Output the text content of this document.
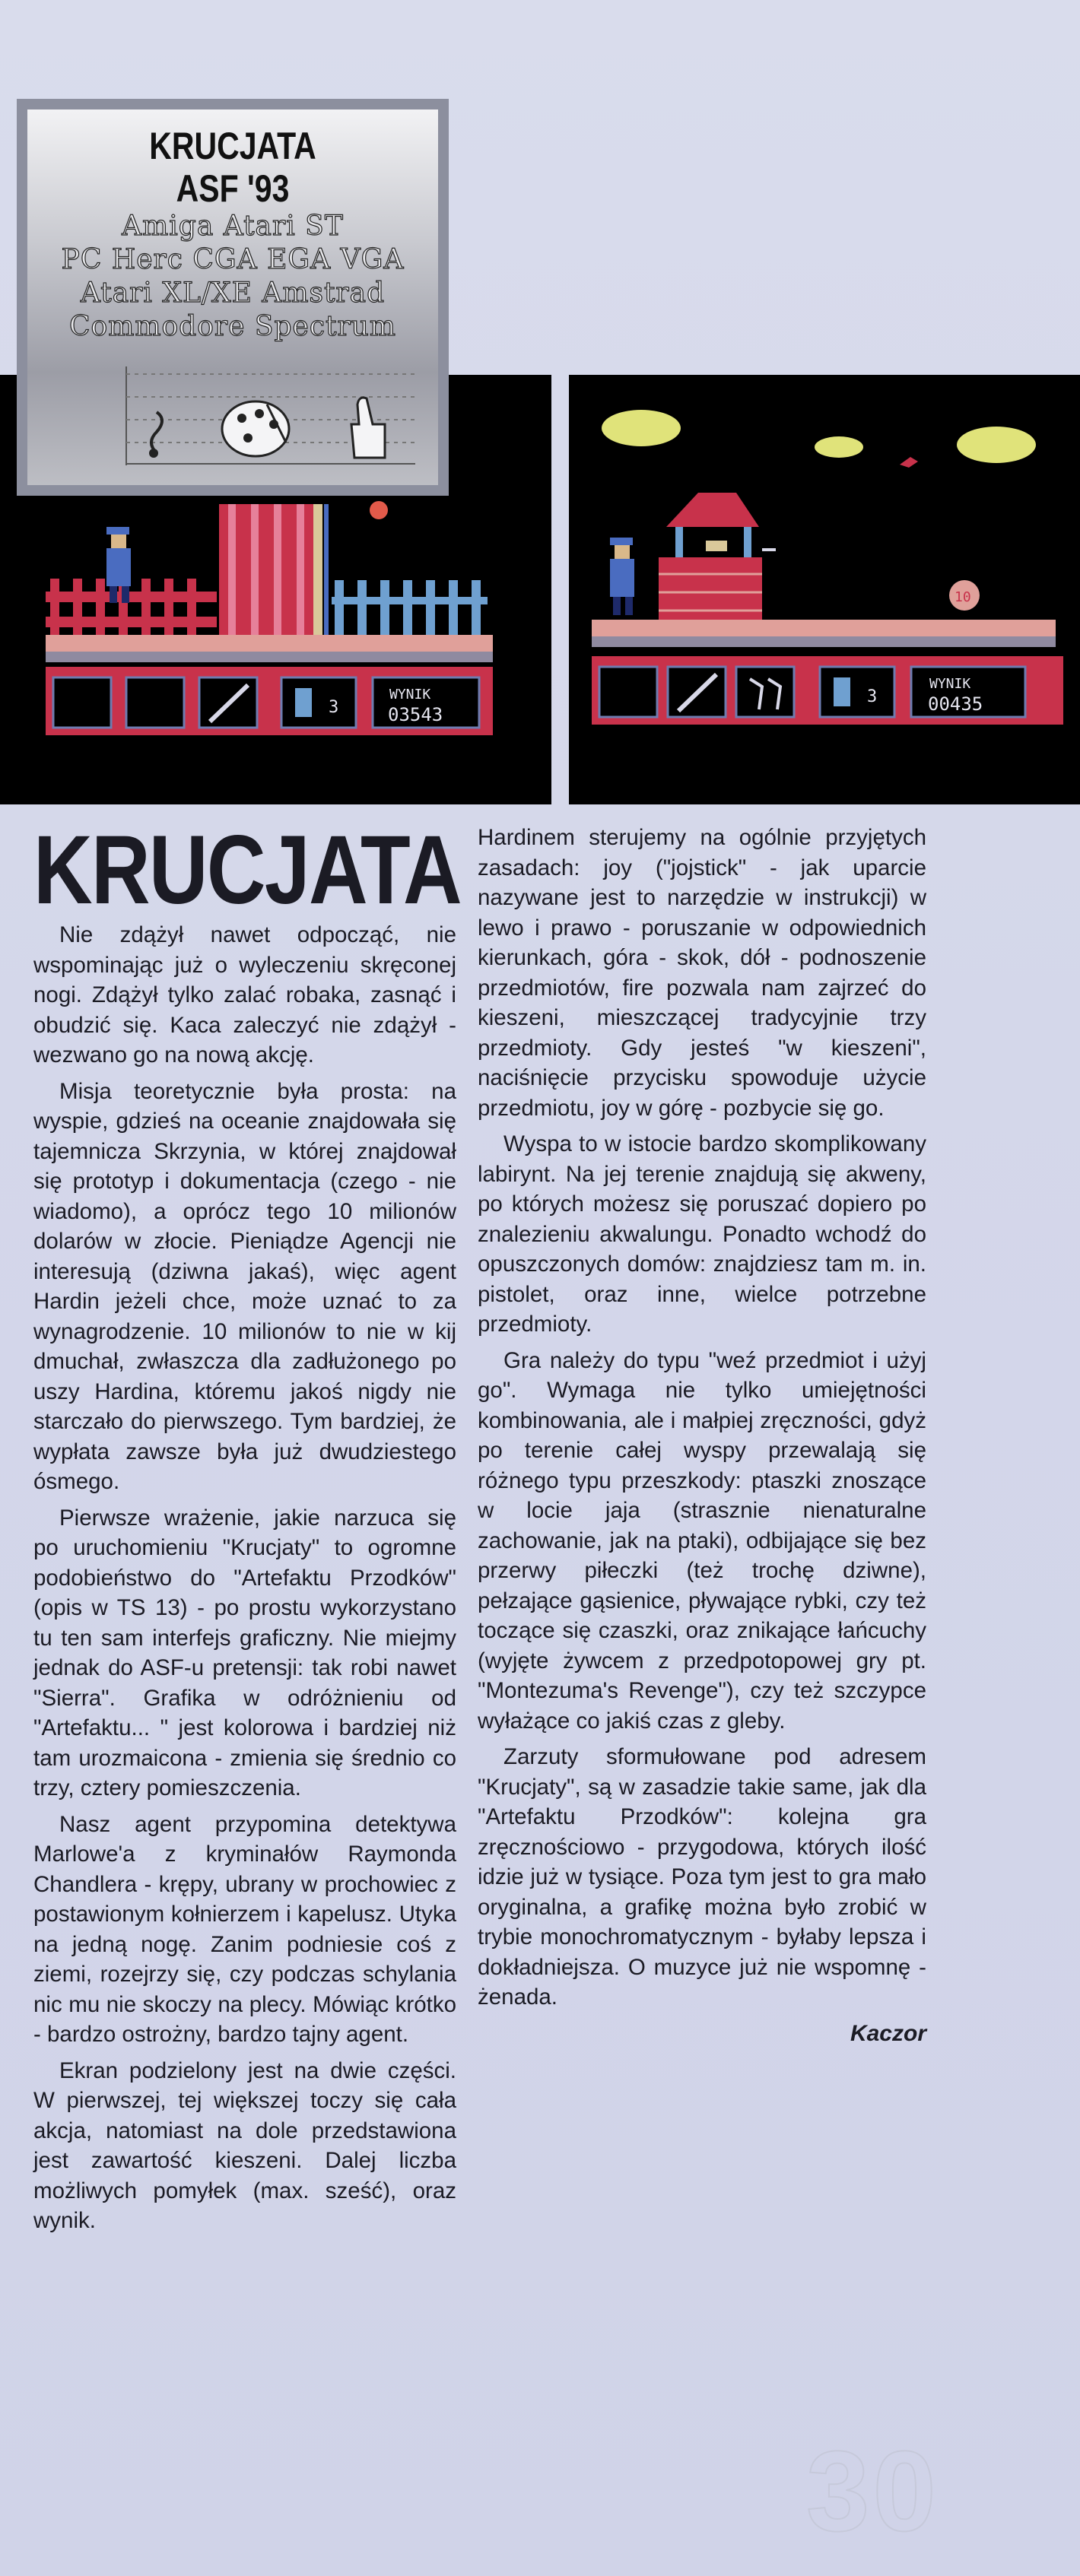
3
WYNIK
03543
10
3
WYNIK
00435
KRUCJATA
ASF '93
Amiga Atari ST
PC Herc CGA EGA VGA
Atari XL/XE Amstrad
Commodore Spectrum
KRUCJATA

Nie zdążył nawet odpocząć, nie wspominając już o wyleczeniu skręconej nogi. Zdążył tylko zalać robaka, zasnąć i obudzić się. Kaca zaleczyć nie zdążył - wezwano go na nową akcję.

Misja teoretycznie była prosta: na wyspie, gdzieś na oceanie znajdowała się tajemnicza Skrzynia, w której znajdował się prototyp i dokumentacja (czego - nie wiadomo), a oprócz tego 10 milionów dolarów w złocie. Pieniądze Agencji nie interesują (dziwna jakaś), więc agent Hardin jeżeli chce, może uznać to za wynagrodzenie. 10 milionów to nie w kij dmuchał, zwłaszcza dla zadłużonego po uszy Hardina, któremu jakoś nigdy nie starczało do pierwszego. Tym bardziej, że wypłata zawsze była już dwudziestego ósmego.

Pierwsze wrażenie, jakie narzuca się po uruchomieniu "Krucjaty" to ogromne podobieństwo do "Artefaktu Przodków" (opis w TS 13) - po prostu wykorzystano tu ten sam interfejs graficzny. Nie miejmy jednak do ASF-u pretensji: tak robi nawet "Sierra". Grafika w odróżnieniu od "Artefaktu... " jest kolorowa i bardziej niż tam urozmaicona - zmienia się średnio co trzy, cztery pomieszczenia.

Nasz agent przypomina detektywa Marlowe'a z kryminałów Raymonda Chandlera - krępy, ubrany w prochowiec z postawionym kołnierzem i kapelusz. Utyka na jedną nogę. Zanim podniesie coś z ziemi, rozejrzy się, czy podczas schylania nic mu nie skoczy na plecy. Mówiąc krótko - bardzo ostrożny, bardzo tajny agent.

Ekran podzielony jest na dwie części. W pierwszej, tej większej toczy się cała akcja, natomiast na dole przedstawiona jest zawartość kieszeni. Dalej liczba możliwych pomyłek (max. sześć), oraz wynik.

Hardinem sterujemy na ogólnie przyjętych zasadach: joy ("jojstick" - jak uparcie nazywane jest to narzędzie w instrukcji) w lewo i prawo - poruszanie w odpowiednich kierunkach, góra - skok, dół - podnoszenie przedmiotów, fire pozwala nam zajrzeć do kieszeni, mieszczącej tradycyjnie trzy przedmioty. Gdy jesteś "w kieszeni", naciśnięcie przycisku spowoduje użycie przedmiotu, joy w górę - pozbycie się go.

Wyspa to w istocie bardzo skomplikowany labirynt. Na jej terenie znajdują się akweny, po których możesz się poruszać dopiero po znalezieniu akwalungu. Ponadto wchodź do opuszczonych domów: znajdziesz tam m. in. pistolet, oraz inne, wielce potrzebne przedmioty.

Gra należy do typu "weź przedmiot i użyj go". Wymaga nie tylko umiejętności kombinowania, ale i małpiej zręczności, gdyż po terenie całej wyspy przewalają się różnego typu przeszkody: ptaszki znoszące w locie jaja (strasznie nienaturalne zachowanie, jak na ptaki), odbijające się bez przerwy piłeczki (też trochę dziwne), pełzające gąsienice, pływające rybki, czy też toczące się czaszki, oraz znikające łańcuchy (wyjęte żywcem z przedpotopowej gry pt. "Montezuma's Revenge"), czy też szczypce wyłażące co jakiś czas z gleby.

Zarzuty sformułowane pod adresem "Krucjaty", są w zasadzie takie same, jak dla "Artefaktu Przodków": kolejna gra zręcznościowo - przygodowa, których ilość idzie już w tysiące. Poza tym jest to gra mało oryginalna, a grafikę można było zrobić w trybie monochromatycznym - byłaby lepsza i dokładniejsza. O muzyce już nie wspomnę - żenada.

Kaczor
30
